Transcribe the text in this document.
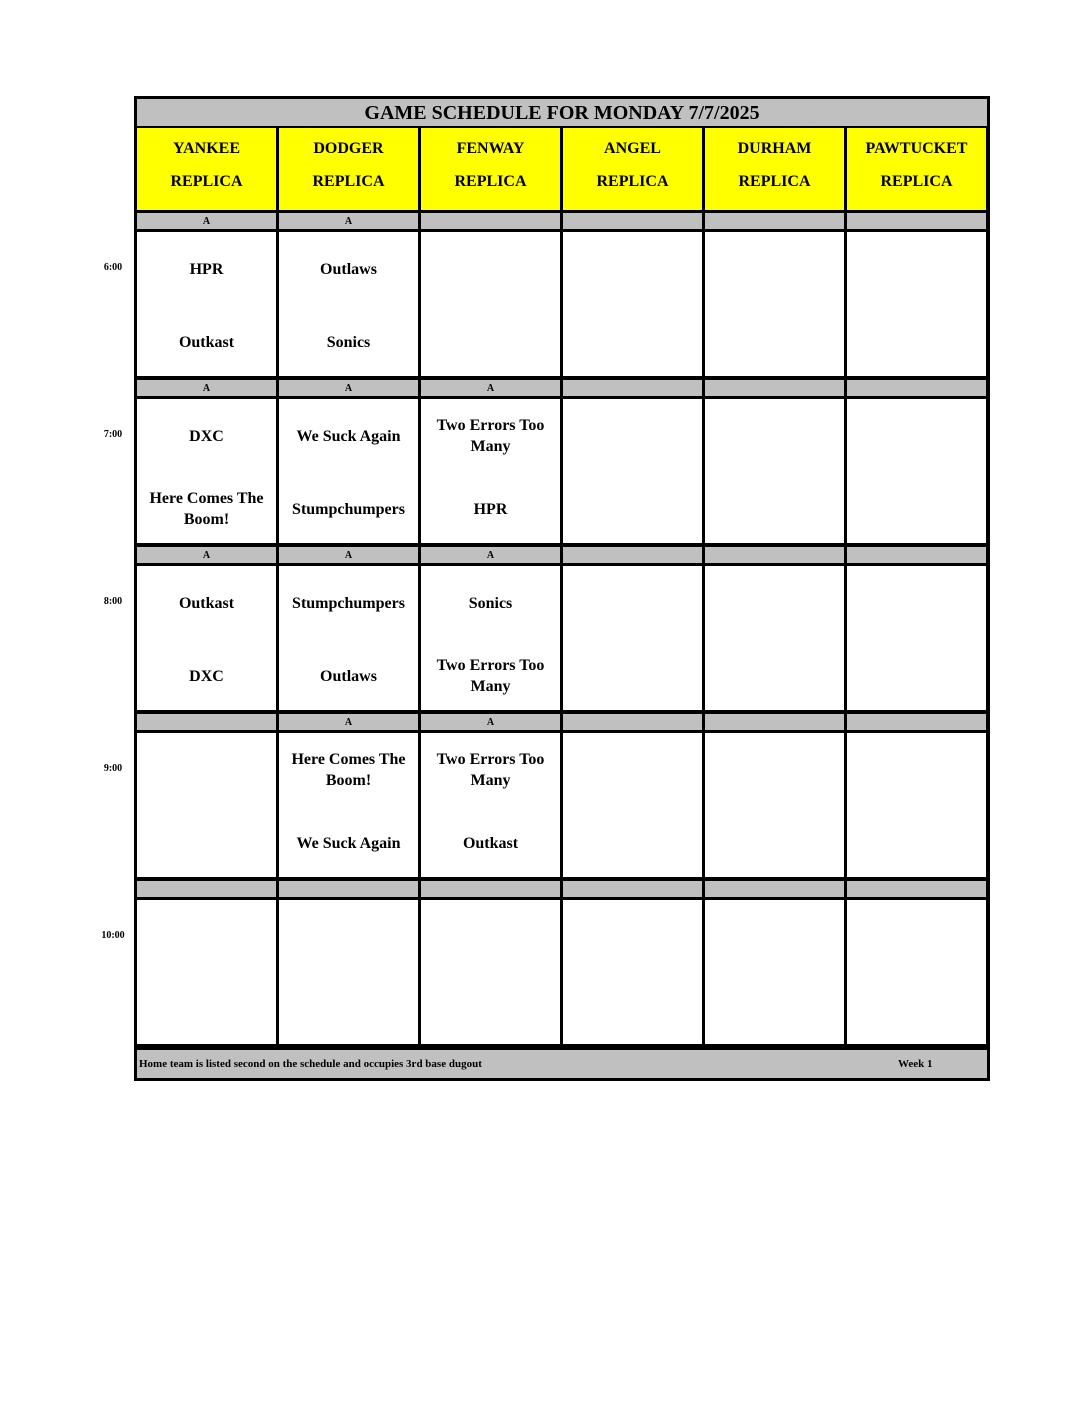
GAME SCHEDULE FOR MONDAY 7/7/2025
Home team is listed second on the schedule and occupies 3rd base dugout	Week 1
YANKEE
REPLICA
DODGER
REPLICA
FENWAY
REPLICA
ANGEL
REPLICA
DURHAM
REPLICA
PAWTUCKET
REPLICA
A
HPR
Outkast
A
Outlaws
Sonics
A
DXC
Here Comes The Boom!
A
We Suck Again
Stumpchumpers
A
Two Errors Too Many
HPR
A
Outkast
DXC
A
Stumpchumpers
Outlaws
A
Sonics
Two Errors Too Many
A
Here Comes The Boom!
We Suck Again
A
Two Errors Too Many
Outkast
6:00
7:00
8:00
9:00
10:00
